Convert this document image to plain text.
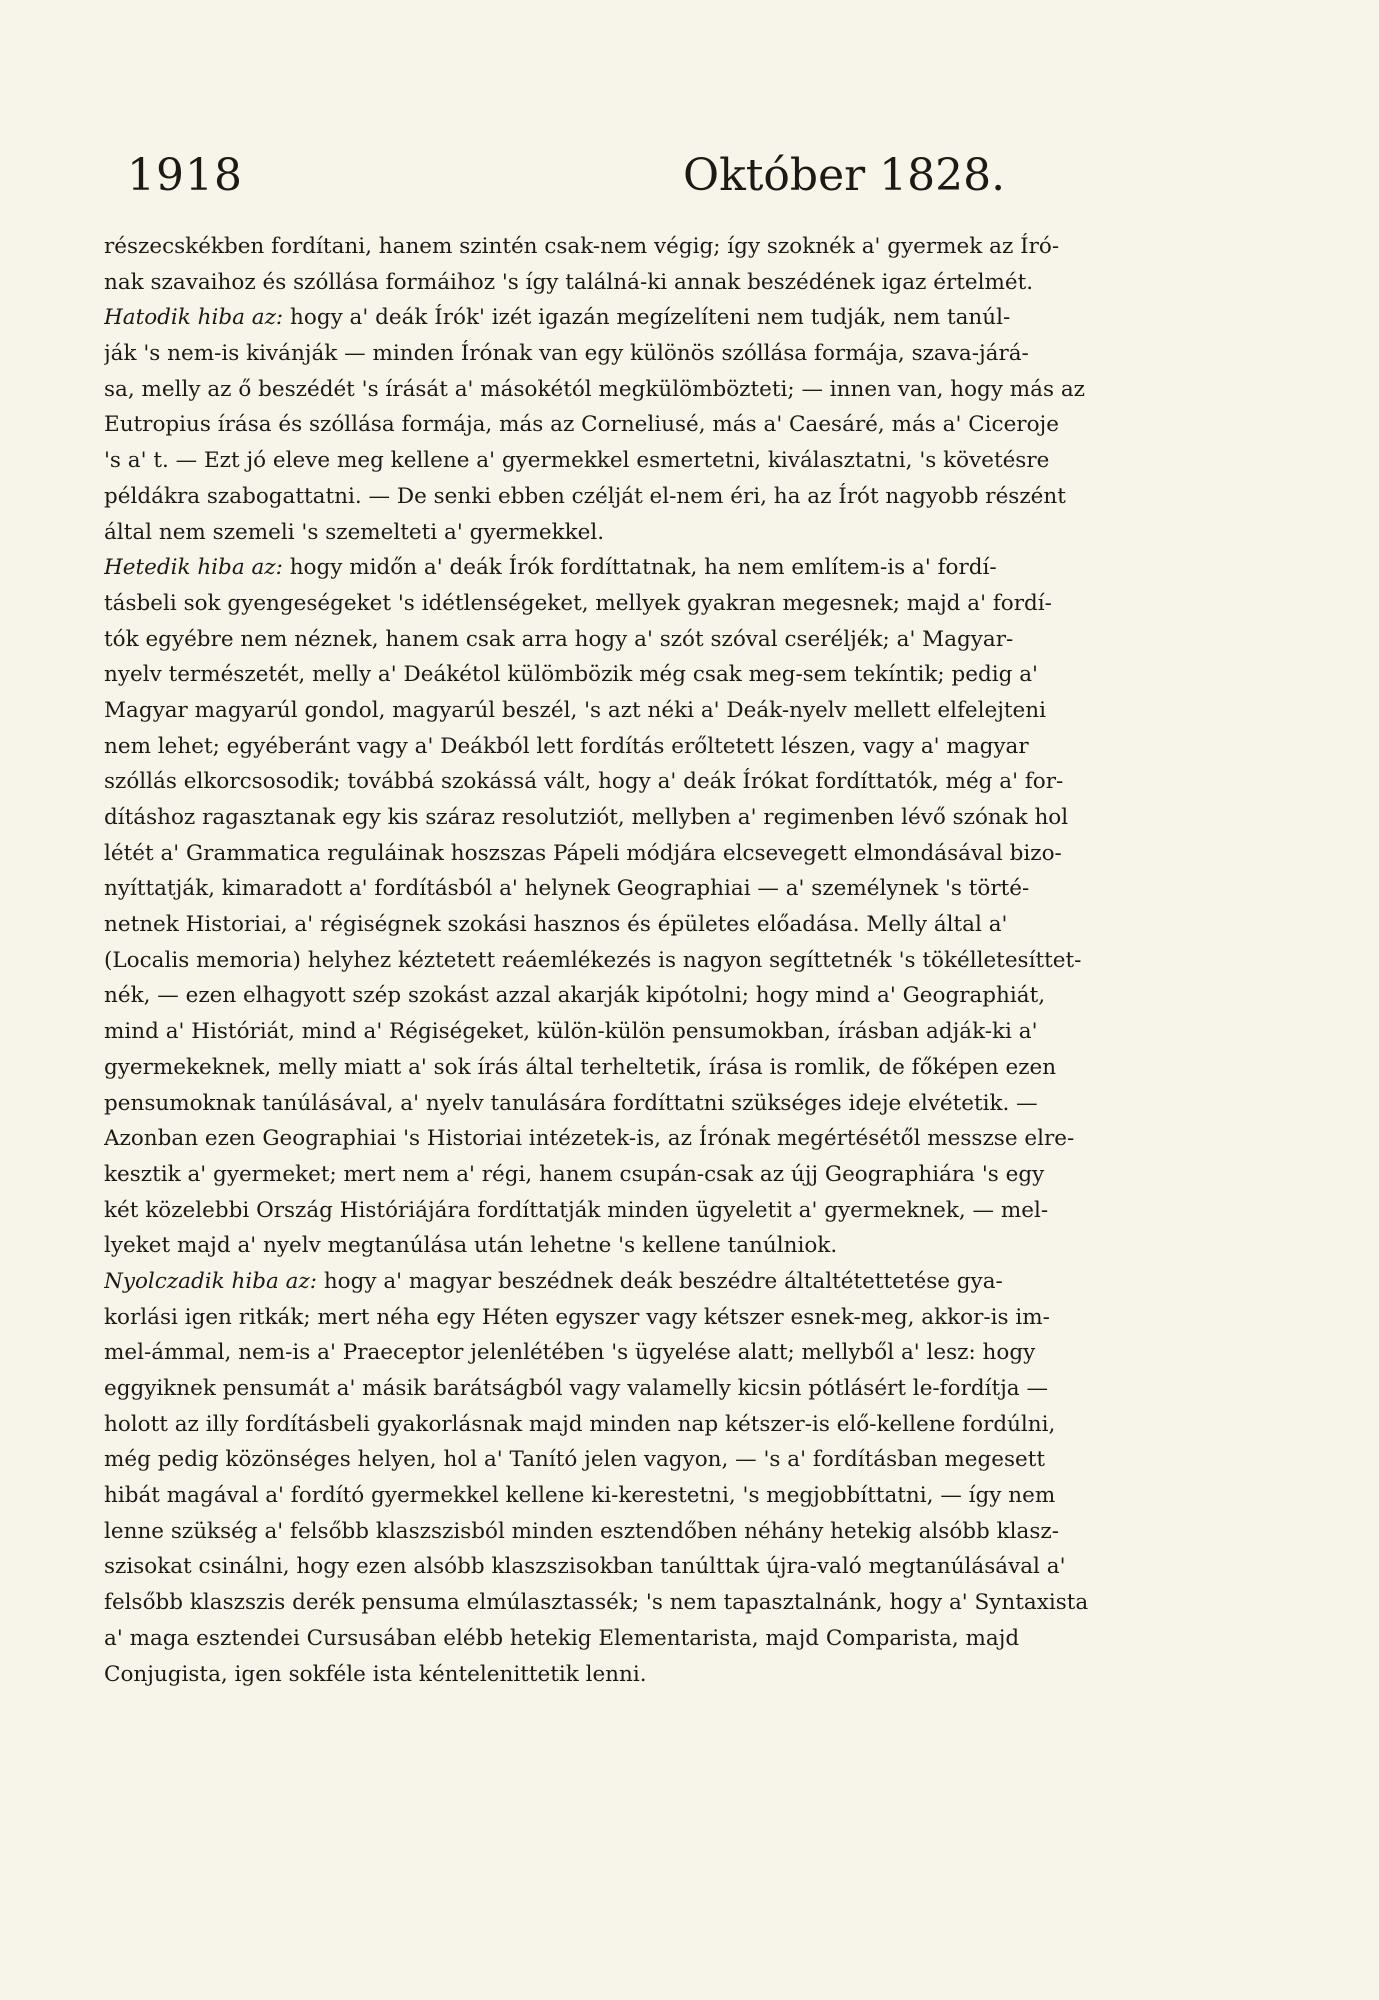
1918	Október 1828.
részecskékben fordítani, hanem szintén csak-nem végig; így szoknék a' gyermek az Író-
nak szavaihoz és szóllása formáihoz 's így találná-ki annak beszédének igaz értelmét.
Hatodik hiba az: hogy a' deák Írók' izét igazán megízelíteni nem tudják, nem tanúl-
ják 's nem-is kivánják — minden Írónak van egy különös szóllása formája, szava-járá-
sa, melly az ő beszédét 's írását a' másokétól megkülömbözteti; — innen van, hogy más az
Eutropius írása és szóllása formája, más az Corneliusé, más a' Caesáré, más a' Ciceroje
's a' t. — Ezt jó eleve meg kellene a' gyermekkel esmertetni, kiválasztatni, 's követésre
példákra szabogattatni. — De senki ebben czélját el-nem éri, ha az Írót nagyobb részént
által nem szemeli 's szemelteti a' gyermekkel.
Hetedik hiba az: hogy midőn a' deák Írók fordíttatnak, ha nem említem-is a' fordí-
tásbeli sok gyengeségeket 's idétlenségeket, mellyek gyakran megesnek; majd a' fordí-
tók egyébre nem néznek, hanem csak arra hogy a' szót szóval cseréljék; a' Magyar-
nyelv természetét, melly a' Deákétol külömbözik még csak meg-sem tekíntik; pedig a'
Magyar magyarúl gondol, magyarúl beszél, 's azt néki a' Deák-nyelv mellett elfelejteni
nem lehet; egyéberánt vagy a' Deákból lett fordítás erőltetett lészen, vagy a' magyar
szóllás elkorcsosodik; továbbá szokássá vált, hogy a' deák Írókat fordíttatók, még a' for-
dításhoz ragasztanak egy kis száraz resolutziót, mellyben a' regimenben lévő szónak hol
létét a' Grammatica reguláinak hoszszas Pápeli módjára elcsevegett elmondásával bizo-
nyíttatják, kimaradott a' fordításból a' helynek Geographiai — a' személynek 's törté-
netnek Historiai, a' régiségnek szokási hasznos és épületes előadása. Melly által a'
(Localis memoria) helyhez kéztetett reáemlékezés is nagyon segíttetnék 's tökélletesíttet-
nék, — ezen elhagyott szép szokást azzal akarják kipótolni; hogy mind a' Geographiát,
mind a' Históriát, mind a' Régiségeket, külön-külön pensumokban, írásban adják-ki a'
gyermekeknek, melly miatt a' sok írás által terheltetik, írása is romlik, de főképen ezen
pensumoknak tanúlásával, a' nyelv tanulására fordíttatni szükséges ideje elvétetik. —
Azonban ezen Geographiai 's Historiai intézetek-is, az Írónak megértésétől messzse elre-
kesztik a' gyermeket; mert nem a' régi, hanem csupán-csak az újj Geographiára 's egy
két közelebbi Ország Históriájára fordíttatják minden ügyeletit a' gyermeknek, — mel-
lyeket majd a' nyelv megtanúlása után lehetne 's kellene tanúlniok.
Nyolczadik hiba az: hogy a' magyar beszédnek deák beszédre általtétettetése gya-
korlási igen ritkák; mert néha egy Héten egyszer vagy kétszer esnek-meg, akkor-is im-
mel-ámmal, nem-is a' Praeceptor jelenlétében 's ügyelése alatt; mellyből a' lesz: hogy
eggyiknek pensumát a' másik barátságból vagy valamelly kicsin pótlásért le-fordítja —
holott az illy fordításbeli gyakorlásnak majd minden nap kétszer-is elő-kellene fordúlni,
még pedig közönséges helyen, hol a' Tanító jelen vagyon, — 's a' fordításban megesett
hibát magával a' fordító gyermekkel kellene ki-kerestetni, 's megjobbíttatni, — így nem
lenne szükség a' felsőbb klaszszisból minden esztendőben néhány hetekig alsóbb klasz-
szisokat csinálni, hogy ezen alsóbb klaszszisokban tanúlttak újra-való megtanúlásával a'
felsőbb klaszszis derék pensuma elmúlasztassék; 's nem tapasztalnánk, hogy a' Syntaxista
a' maga esztendei Cursusában elébb hetekig Elementarista, majd Comparista, majd
Conjugista, igen sokféle ista kéntelenittetik lenni.
